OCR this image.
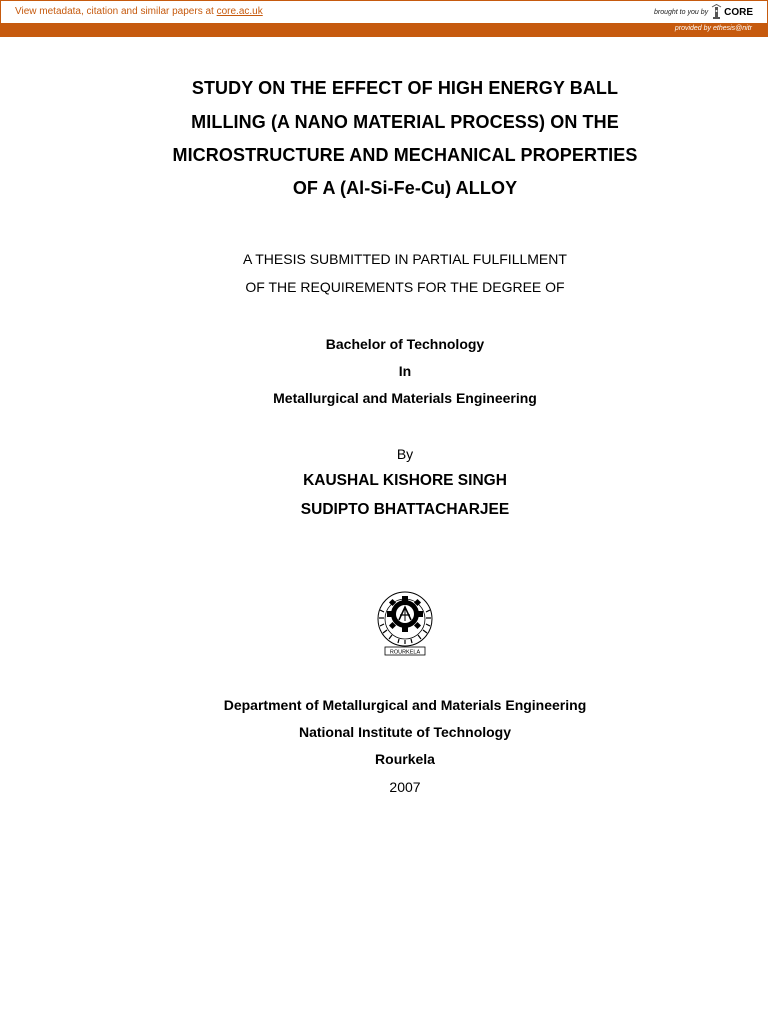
View metadata, citation and similar papers at core.ac.uk	brought to you by CORE
provided by ethesis@nitr
STUDY ON THE EFFECT OF HIGH ENERGY BALL
MILLING (A NANO MATERIAL PROCESS) ON THE
MICROSTRUCTURE AND MECHANICAL PROPERTIES
OF A (Al-Si-Fe-Cu) ALLOY
A THESIS SUBMITTED IN PARTIAL FULFILLMENT
OF THE REQUIREMENTS FOR THE DEGREE OF
Bachelor of Technology
In
Metallurgical and Materials Engineering
By
KAUSHAL KISHORE SINGH
SUDIPTO BHATTACHARJEE
ROURKELA
Department of Metallurgical and Materials Engineering
National Institute of Technology
Rourkela
2007
